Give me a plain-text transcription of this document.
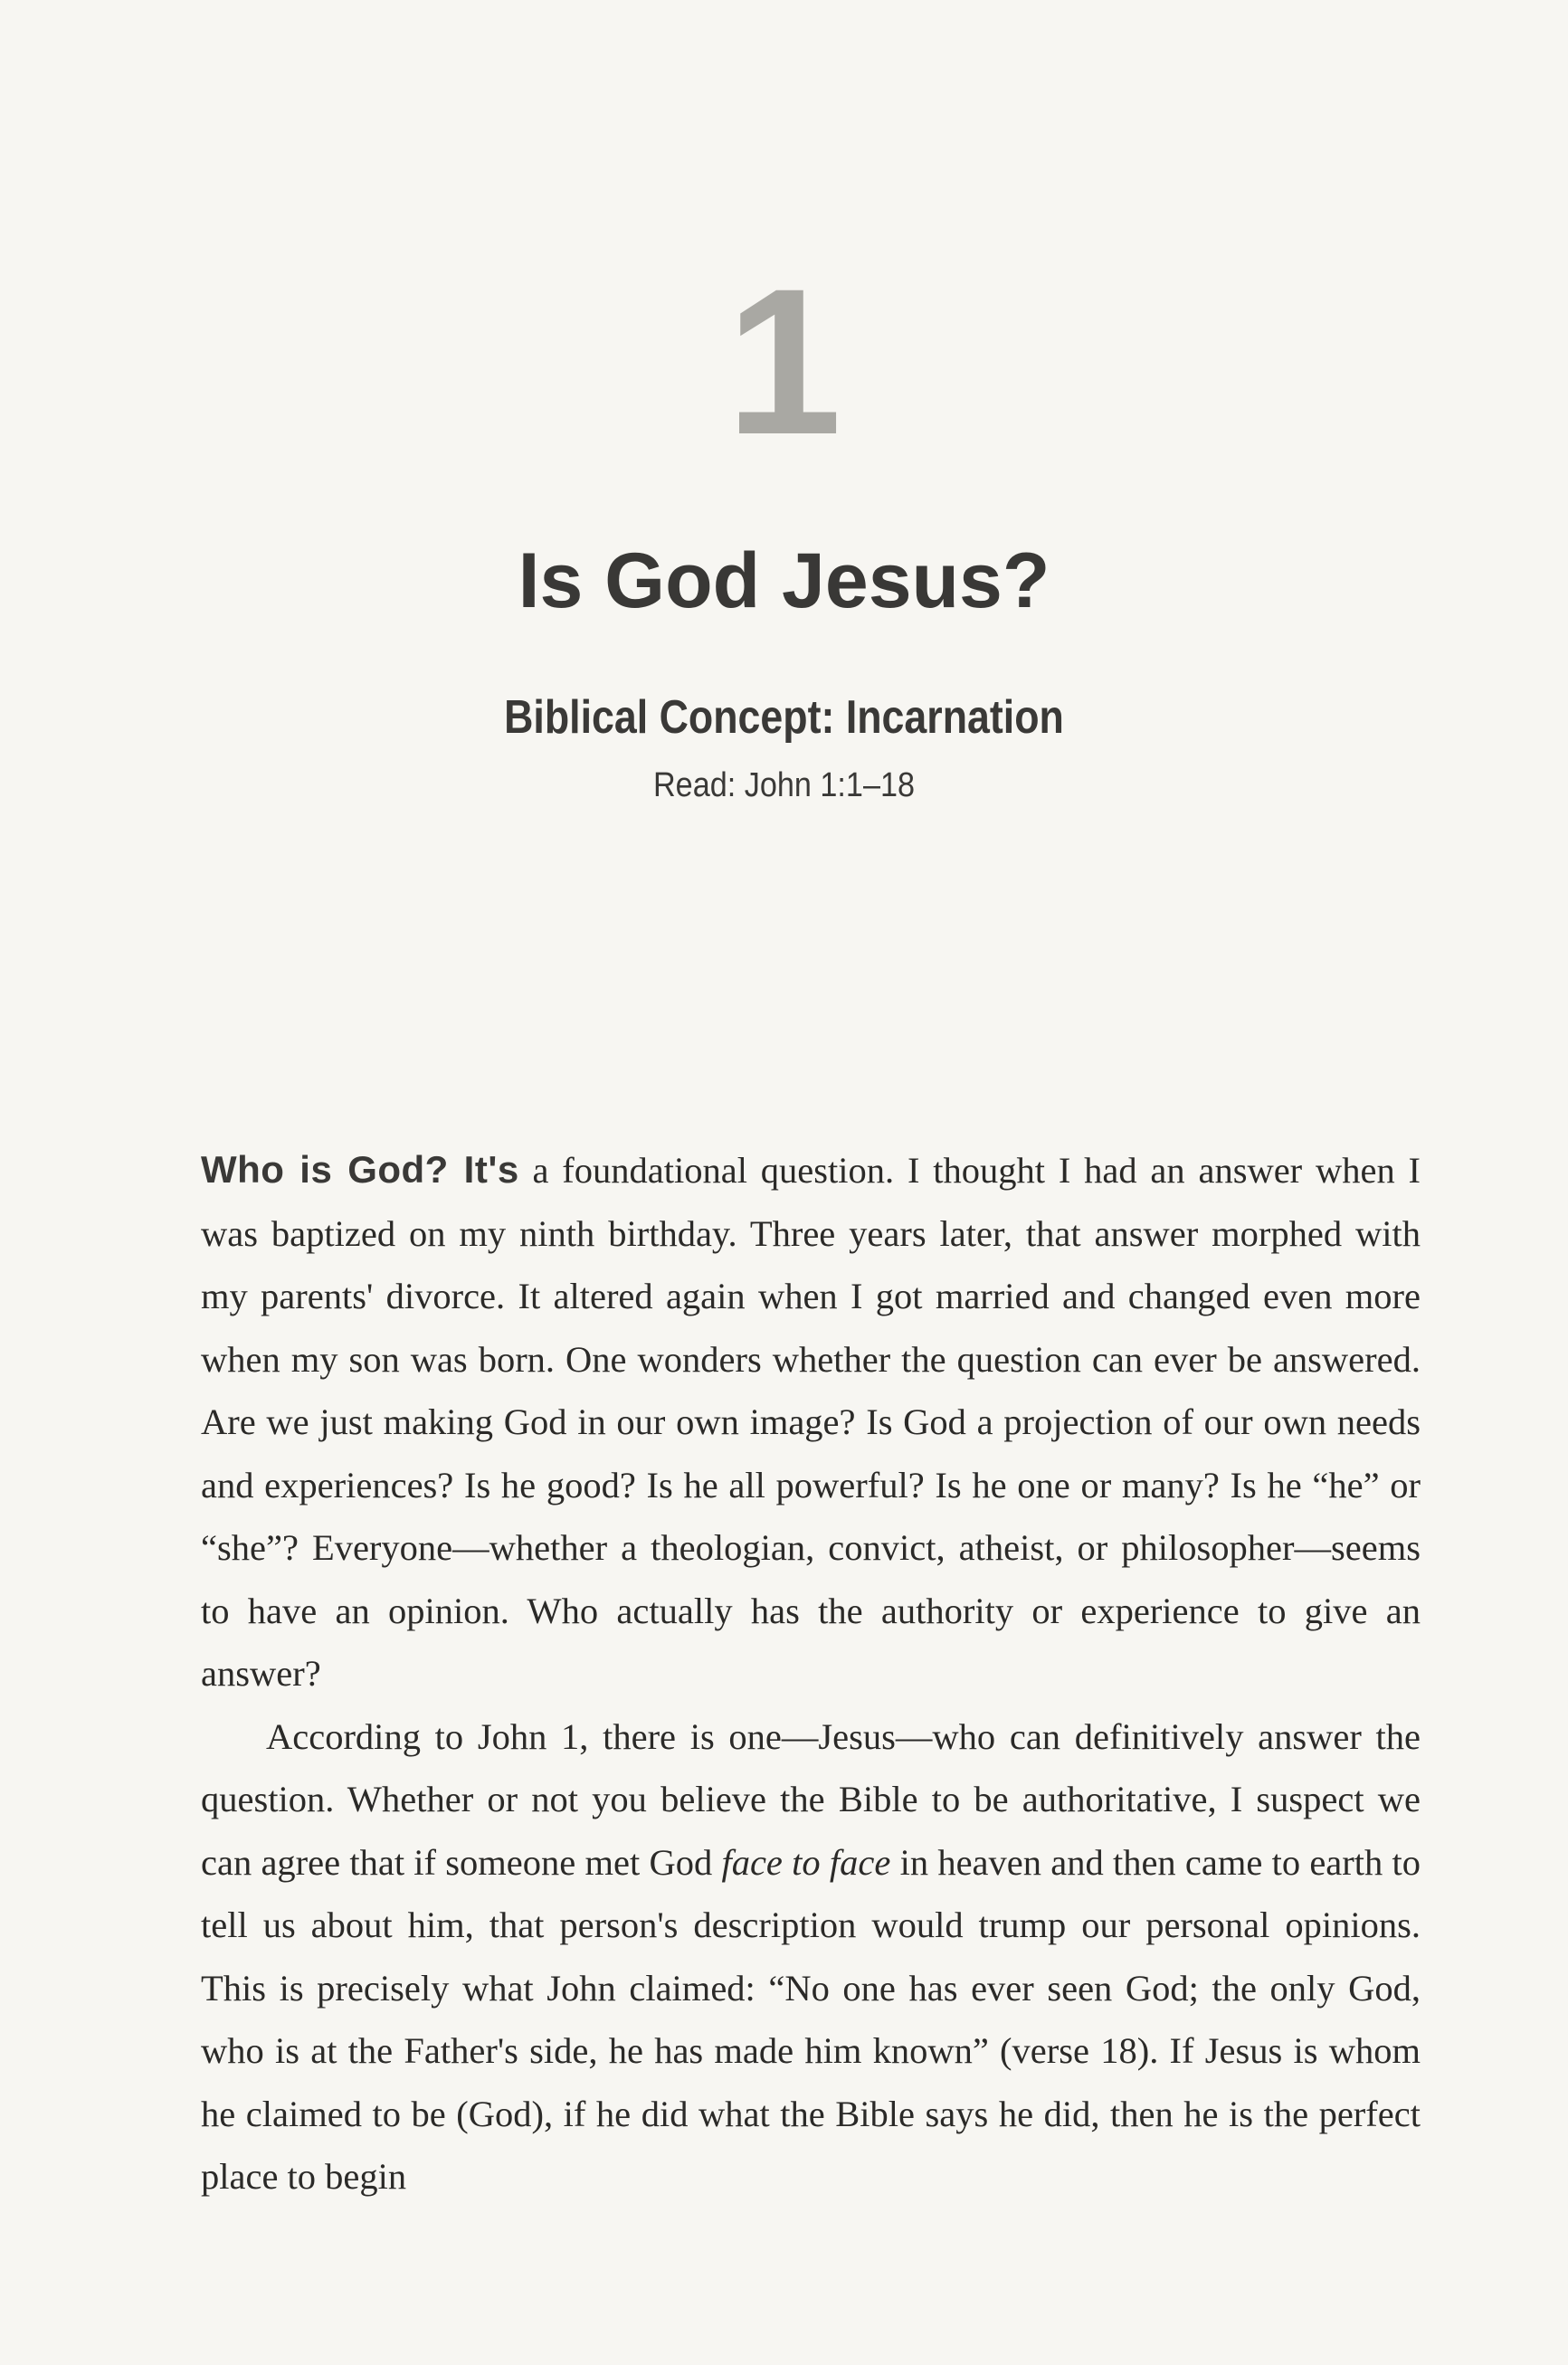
1
Is God Jesus?
Biblical Concept: Incarnation
Read: John 1:1–18

Who is God? It's a foundational question. I thought I had an answer when I was baptized on my ninth birthday. Three years later, that answer morphed with my parents' divorce. It altered again when I got married and changed even more when my son was born. One wonders whether the question can ever be answered. Are we just making God in our own image? Is God a projection of our own needs and experiences? Is he good? Is he all powerful? Is he one or many? Is he “he” or “she”? Everyone—whether a theologian, convict, atheist, or philosopher—seems to have an opinion. Who actually has the authority or experience to give an answer?

According to John 1, there is one—Jesus—who can definitively answer the question. Whether or not you believe the Bible to be authoritative, I suspect we can agree that if someone met God face to face in heaven and then came to earth to tell us about him, that person's description would trump our personal opinions. This is precisely what John claimed: “No one has ever seen God; the only God, who is at the Father's side, he has made him known” (verse 18). If Jesus is whom he claimed to be (God), if he did what the Bible says he did, then he is the perfect place to begin
